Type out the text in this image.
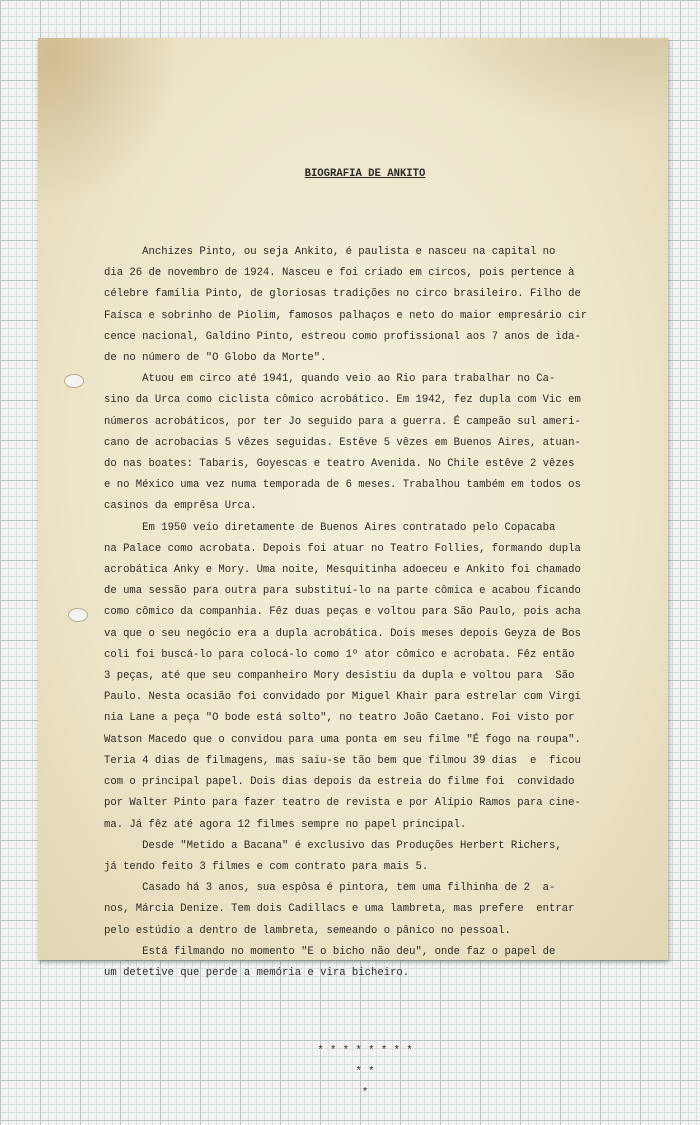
BIOGRAFIA DE ANKITO

Anchizes Pinto, ou seja Ankito, é paulista e nasceu na capital no
dia 26 de novembro de 1924. Nasceu e foi criado em circos, pois pertence à
célebre família Pinto, de gloriosas tradições no circo brasileiro. Filho de
Faísca e sobrinho de Piolim, famosos palhaços e neto do maior empresário cir
cence nacional, Galdino Pinto, estreou como profissional aos 7 anos de ida-
de no número de "O Globo da Morte".
Atuou em circo até 1941, quando veio ao Rio para trabalhar no Ca-
sino da Urca como ciclista cômico acrobático. Em 1942, fez dupla com Vic em
números acrobáticos, por ter Jo seguido para a guerra. É campeão sul ameri-
cano de acrobacias 5 vêzes seguidas. Estêve 5 vêzes em Buenos Aires, atuan-
do nas boates: Tabaris, Goyescas e teatro Avenida. No Chile estêve 2 vêzes
e no México uma vez numa temporada de 6 meses. Trabalhou também em todos os
casinos da emprêsa Urca.
Em 1950 veio diretamente de Buenos Aires contratado pelo Copacaba
na Palace como acrobata. Depois foi atuar no Teatro Follies, formando dupla
acrobática Anky e Mory. Uma noite, Mesquitinha adoeceu e Ankito foi chamado
de uma sessão para outra para substituí-lo na parte cômica e acabou ficando
como cômico da companhia. Fêz duas peças e voltou para São Paulo, pois acha
va que o seu negócio era a dupla acrobática. Dois meses depois Geyza de Bos
coli foi buscá-lo para colocá-lo como 1º ator cômico e acrobata. Fêz então
3 peças, até que seu companheiro Mory desistiu da dupla e voltou para  São
Paulo. Nesta ocasião foi convidado por Miguel Khair para estrelar com Virgí
nia Lane a peça "O bode está solto", no teatro João Caetano. Foi visto por
Watson Macedo que o convidou para uma ponta em seu filme "É fogo na roupa".
Teria 4 dias de filmagens, mas saiu-se tão bem que filmou 39 dias  e  ficou
com o principal papel. Dois dias depois da estreia do filme foi  convidado
por Walter Pinto para fazer teatro de revista e por Alípio Ramos para cine-
ma. Já fêz até agora 12 filmes sempre no papel principal.
Desde "Metido a Bacana" é exclusivo das Produções Herbert Richers,
já tendo feito 3 filmes e com contrato para mais 5.
Casado há 3 anos, sua espôsa é pintora, tem uma filhinha de 2  a-
nos, Márcia Denize. Tem dois Cadillacs e uma lambreta, mas prefere  entrar
pelo estúdio a dentro de lambreta, semeando o pânico no pessoal.
Está filmando no momento "E o bicho não deu", onde faz o papel de
um detetive que perde a memória e vira bicheiro.

* * * * * * * *
* *
*
